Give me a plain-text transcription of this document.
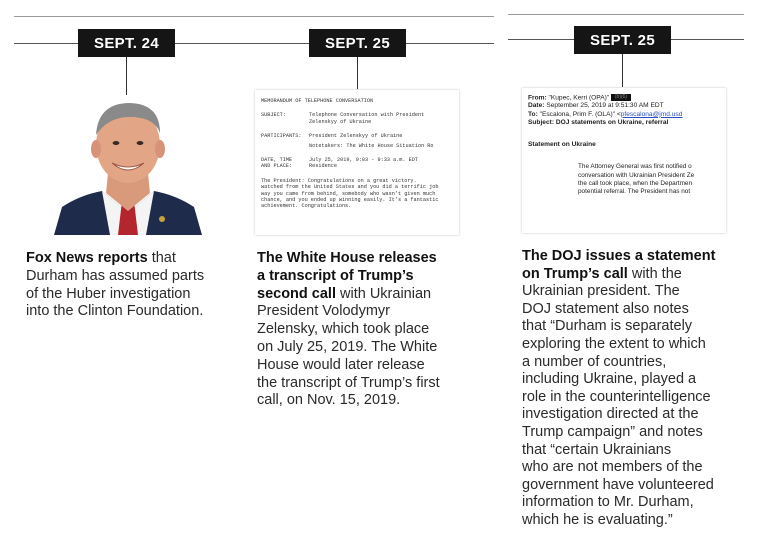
SEPT. 24
Fox News reports that
Durham has assumed parts
of the Huber investigation
into the Clinton Foundation.
SEPT. 25
MEMORANDUM OF TELEPHONE CONVERSATION
SUBJECT:	Telephone Conversation with President
Zelenskyy of Ukraine
PARTICIPANTS:	President Zelenskyy of Ukraine
Notetakers: The White House Situation Ro
DATE, TIME
AND PLACE:
July 25, 2019, 9:03 - 9:33 a.m. EDT
Residence
The President: Congratulations on a great victory.
watched from the United States and you did a terrific job
way you came from behind, somebody who wasn’t given much
chance, and you ended up winning easily. It’s a fantastic
achievement. Congratulations.
The White House releases
a transcript of Trump’s
second call with Ukrainian
President Volodymyr
Zelensky, which took place
on July 25, 2019. The White
House would later release
the transcript of Trump’s first
call, on Nov. 15, 2019.
SEPT. 25
From: "Kupec, Kerri (OPA)" (b)(6)
Date: September 25, 2019 at 9:51:30 AM EDT
To: "Escalona, Prim F. (OLA)" <pfescalona@jmd.usd
Subject: DOJ statements on Ukraine, referral
Statement on Ukraine
The Attorney General was first notified o
conversation with Ukrainian President Ze
the call took place, when the Departmen
potential referral. The President has not
The DOJ issues a statement
on Trump’s call with the
Ukrainian president. The
DOJ statement also notes
that “Durham is separately
exploring the extent to which
a number of countries,
including Ukraine, played a
role in the counterintelligence
investigation directed at the
Trump campaign” and notes
that “certain Ukrainians
who are not members of the
government have volunteered
information to Mr. Durham,
which he is evaluating.”
